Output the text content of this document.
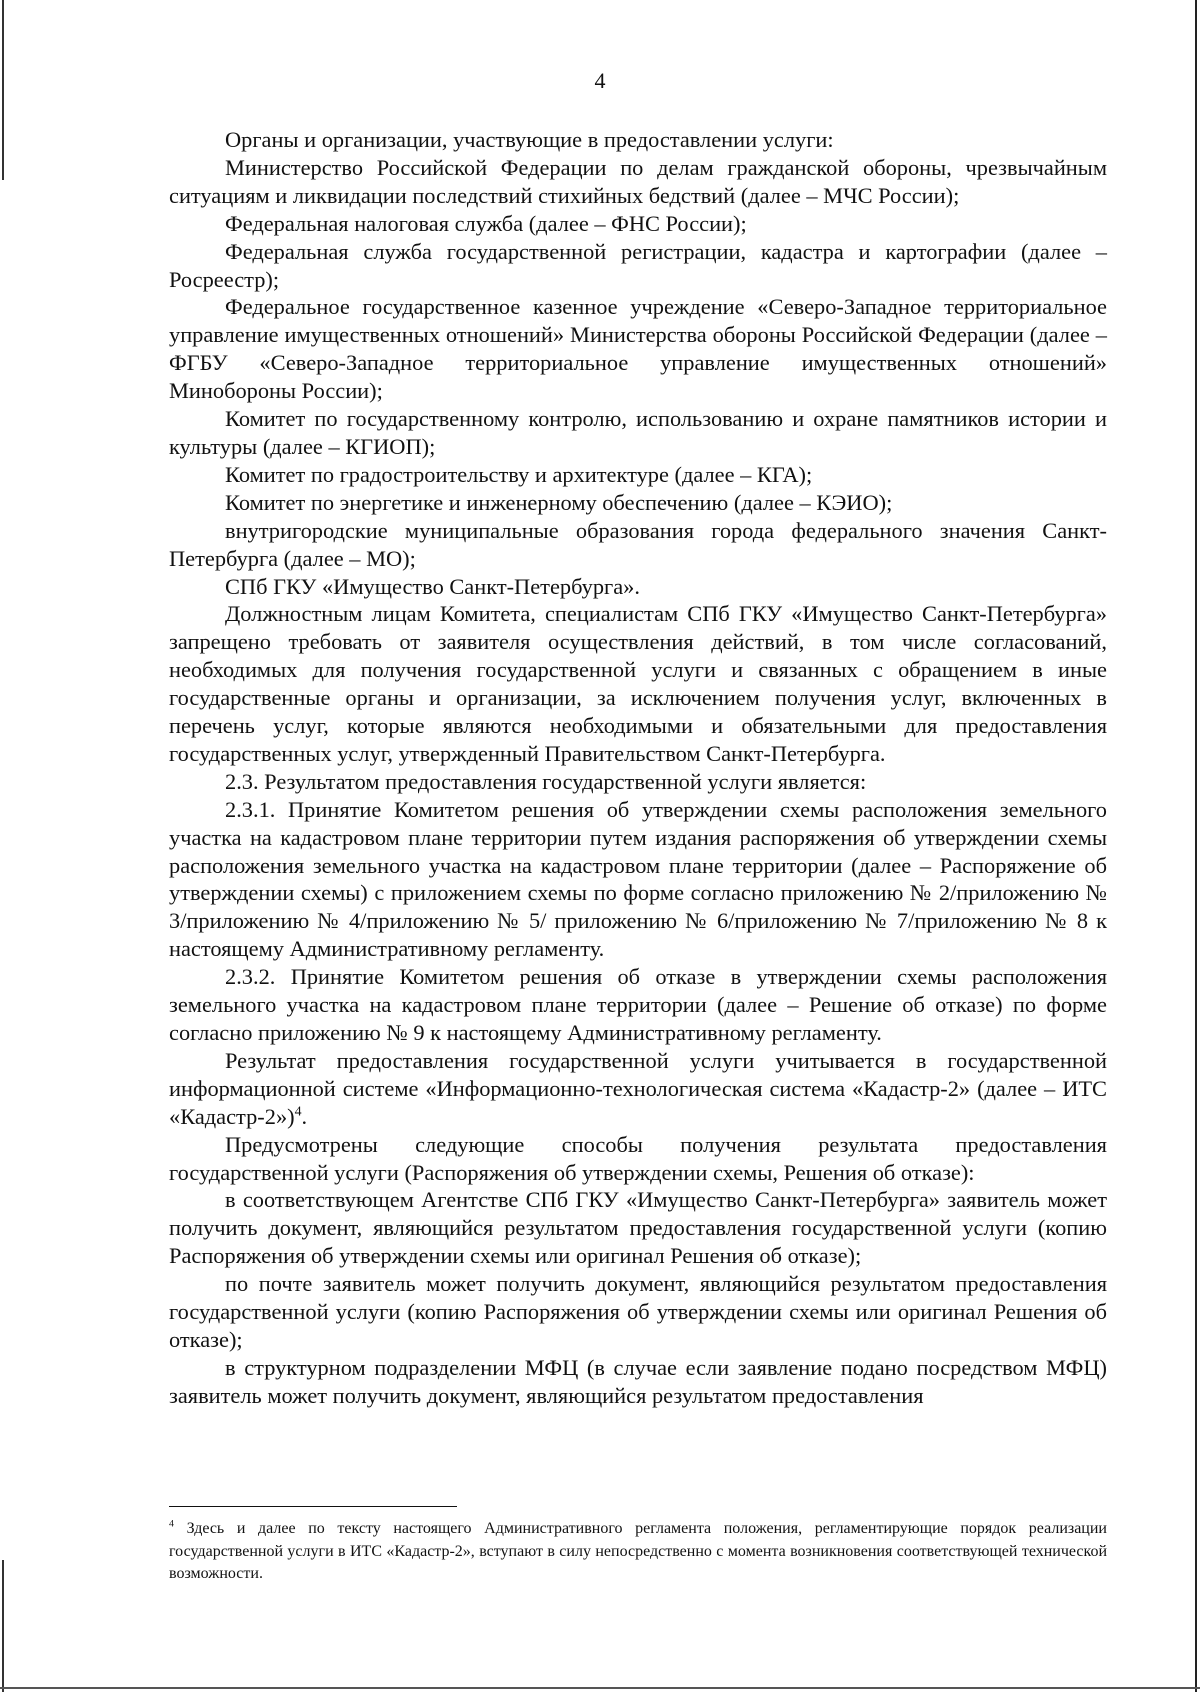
4

Органы и организации, участвующие в предоставлении услуги:

Министерство Российской Федерации по делам гражданской обороны, чрезвычайным ситуациям и ликвидации последствий стихийных бедствий (далее – МЧС России);

Федеральная налоговая служба (далее – ФНС России);

Федеральная служба государственной регистрации, кадастра и картографии (далее – Росреестр);

Федеральное государственное казенное учреждение «Северо-Западное территориальное управление имущественных отношений» Министерства обороны Российской Федерации (далее – ФГБУ «Северо-Западное территориальное управление имущественных отношений» Минобороны России);

Комитет по государственному контролю, использованию и охране памятников истории и культуры (далее – КГИОП);

Комитет по градостроительству и архитектуре (далее – КГА);

Комитет по энергетике и инженерному обеспечению (далее – КЭИО);

внутригородские муниципальные образования города федерального значения Санкт-Петербурга (далее – МО);

СПб ГКУ «Имущество Санкт-Петербурга».

Должностным лицам Комитета, специалистам СПб ГКУ «Имущество Санкт-Петербурга» запрещено требовать от заявителя осуществления действий, в том числе согласований, необходимых для получения государственной услуги и связанных с обращением в иные государственные органы и организации, за исключением получения услуг, включенных в перечень услуг, которые являются необходимыми и обязательными для предоставления государственных услуг, утвержденный Правительством Санкт-Петербурга.

2.3. Результатом предоставления государственной услуги является:

2.3.1. Принятие Комитетом решения об утверждении схемы расположения земельного участка на кадастровом плане территории путем издания распоряжения об утверждении схемы расположения земельного участка на кадастровом плане территории (далее – Распоряжение об утверждении схемы) с приложением схемы по форме согласно приложению № 2/приложению № 3/приложению № 4/приложению № 5/ приложению № 6/приложению № 7/приложению № 8 к настоящему Административному регламенту.

2.3.2. Принятие Комитетом решения об отказе в утверждении схемы расположения земельного участка на кадастровом плане территории (далее – Решение об отказе) по форме согласно приложению № 9 к настоящему Административному регламенту.

Результат предоставления государственной услуги учитывается в государственной информационной системе «Информационно-технологическая система «Кадастр-2» (далее – ИТС «Кадастр-2»)$^4$.

Предусмотрены следующие способы получения результата предоставления государственной услуги (Распоряжения об утверждении схемы, Решения об отказе):

в соответствующем Агентстве СПб ГКУ «Имущество Санкт-Петербурга» заявитель может получить документ, являющийся результатом предоставления государственной услуги (копию Распоряжения об утверждении схемы или оригинал Решения об отказе);

по почте заявитель может получить документ, являющийся результатом предоставления государственной услуги (копию Распоряжения об утверждении схемы или оригинал Решения об отказе);

в структурном подразделении МФЦ (в случае если заявление подано посредством МФЦ) заявитель может получить документ, являющийся результатом предоставления

$^4$ Здесь и далее по тексту настоящего Административного регламента положения, регламентирующие порядок реализации государственной услуги в ИТС «Кадастр-2», вступают в силу непосредственно с момента возникновения соответствующей технической возможности.
